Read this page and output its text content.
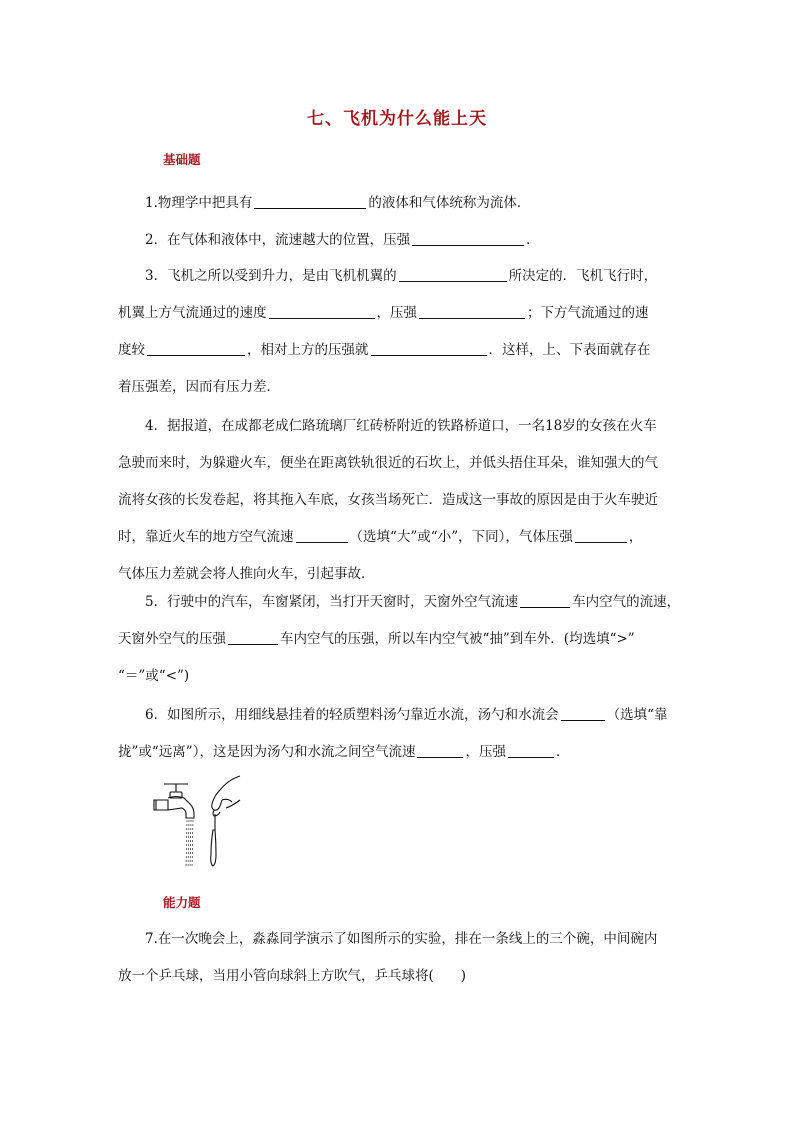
七、飞机为什么能上天
基础题
1.物理学中把具有	的液体和气体统称为流体．
2．在气体和液体中，流速越大的位置，压强	．
3．飞机之所以受到升力，是由飞机机翼的	所决定的．飞机飞行时，
机翼上方气流通过的速度	，压强	；下方气流通过的速
度较	，相对上方的压强就	．这样，上、下表面就存在
着压强差，因而有压力差．
4．据报道，在成都老成仁路琉璃厂红砖桥附近的铁路桥道口，一名18岁的女孩在火车
急驶而来时，为躲避火车，便坐在距离铁轨很近的石坎上，并低头捂住耳朵，谁知强大的气
流将女孩的长发卷起，将其拖入车底，女孩当场死亡．造成这一事故的原因是由于火车驶近
时，靠近火车的地方空气流速	（选填“大”或“小”，下同），气体压强	，
气体压力差就会将人推向火车，引起事故．
5．行驶中的汽车，车窗紧闭，当打开天窗时，天窗外空气流速	车内空气的流速，
天窗外空气的压强	车内空气的压强，所以车内空气被“抽”到车外．(均选填“>”
“＝”或“<”)
6．如图所示，用细线悬挂着的轻质塑料汤勺靠近水流，汤勺和水流会	（选填“靠
拢”或“远离”），这是因为汤勺和水流之间空气流速	，压强	．
能力题
7.在一次晚会上，淼淼同学演示了如图所示的实验，排在一条线上的三个碗，中间碗内
放一个乒乓球，当用小管向球斜上方吹气，乒乓球将(　　)
